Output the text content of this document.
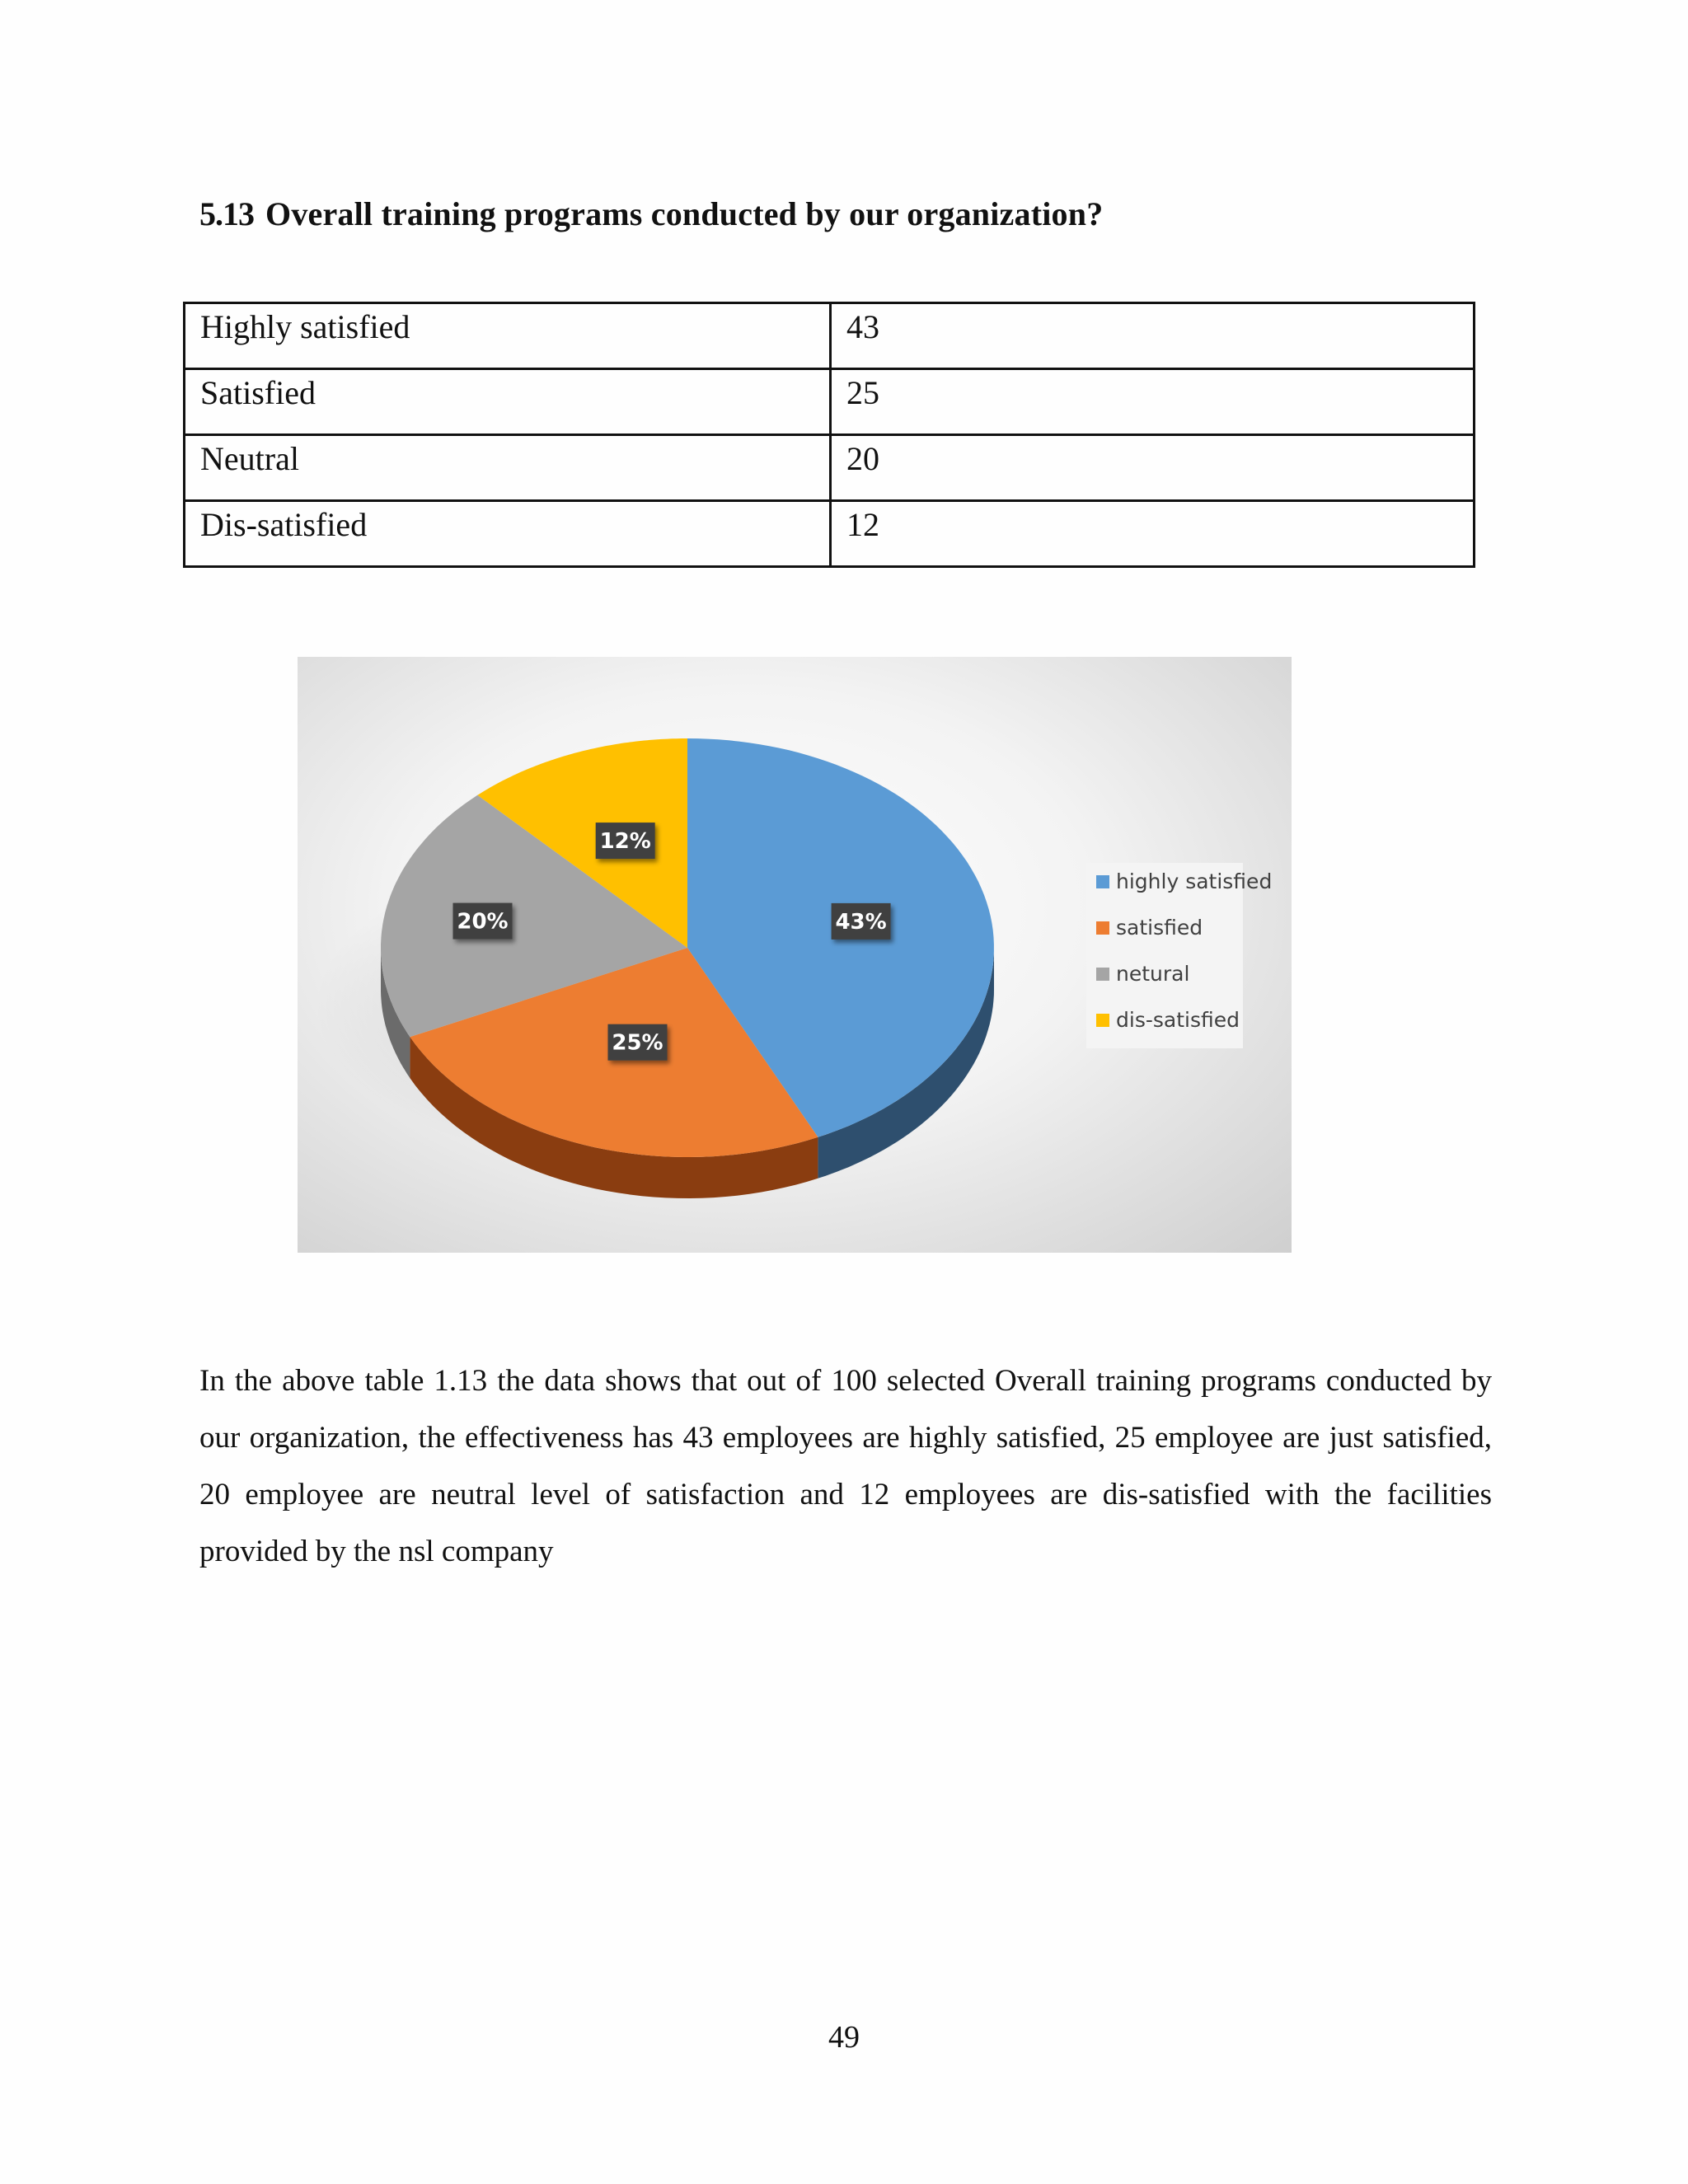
5.13 Overall training programs conducted by our organization?
Highly satisfied	43
Satisfied	25
Neutral	20
Dis-satisfied	12
43%
25%
20%
12%
highly satisfied
satisfied
netural
dis-satisfied
In the above table 1.13 the data shows that out of 100 selected Overall training programs conducted by our organization, the effectiveness has 43 employees are highly satisfied, 25 employee are just satisfied, 20 employee are neutral level of satisfaction and 12 employees are dis-satisfied with the facilities provided by the nsl company
49
